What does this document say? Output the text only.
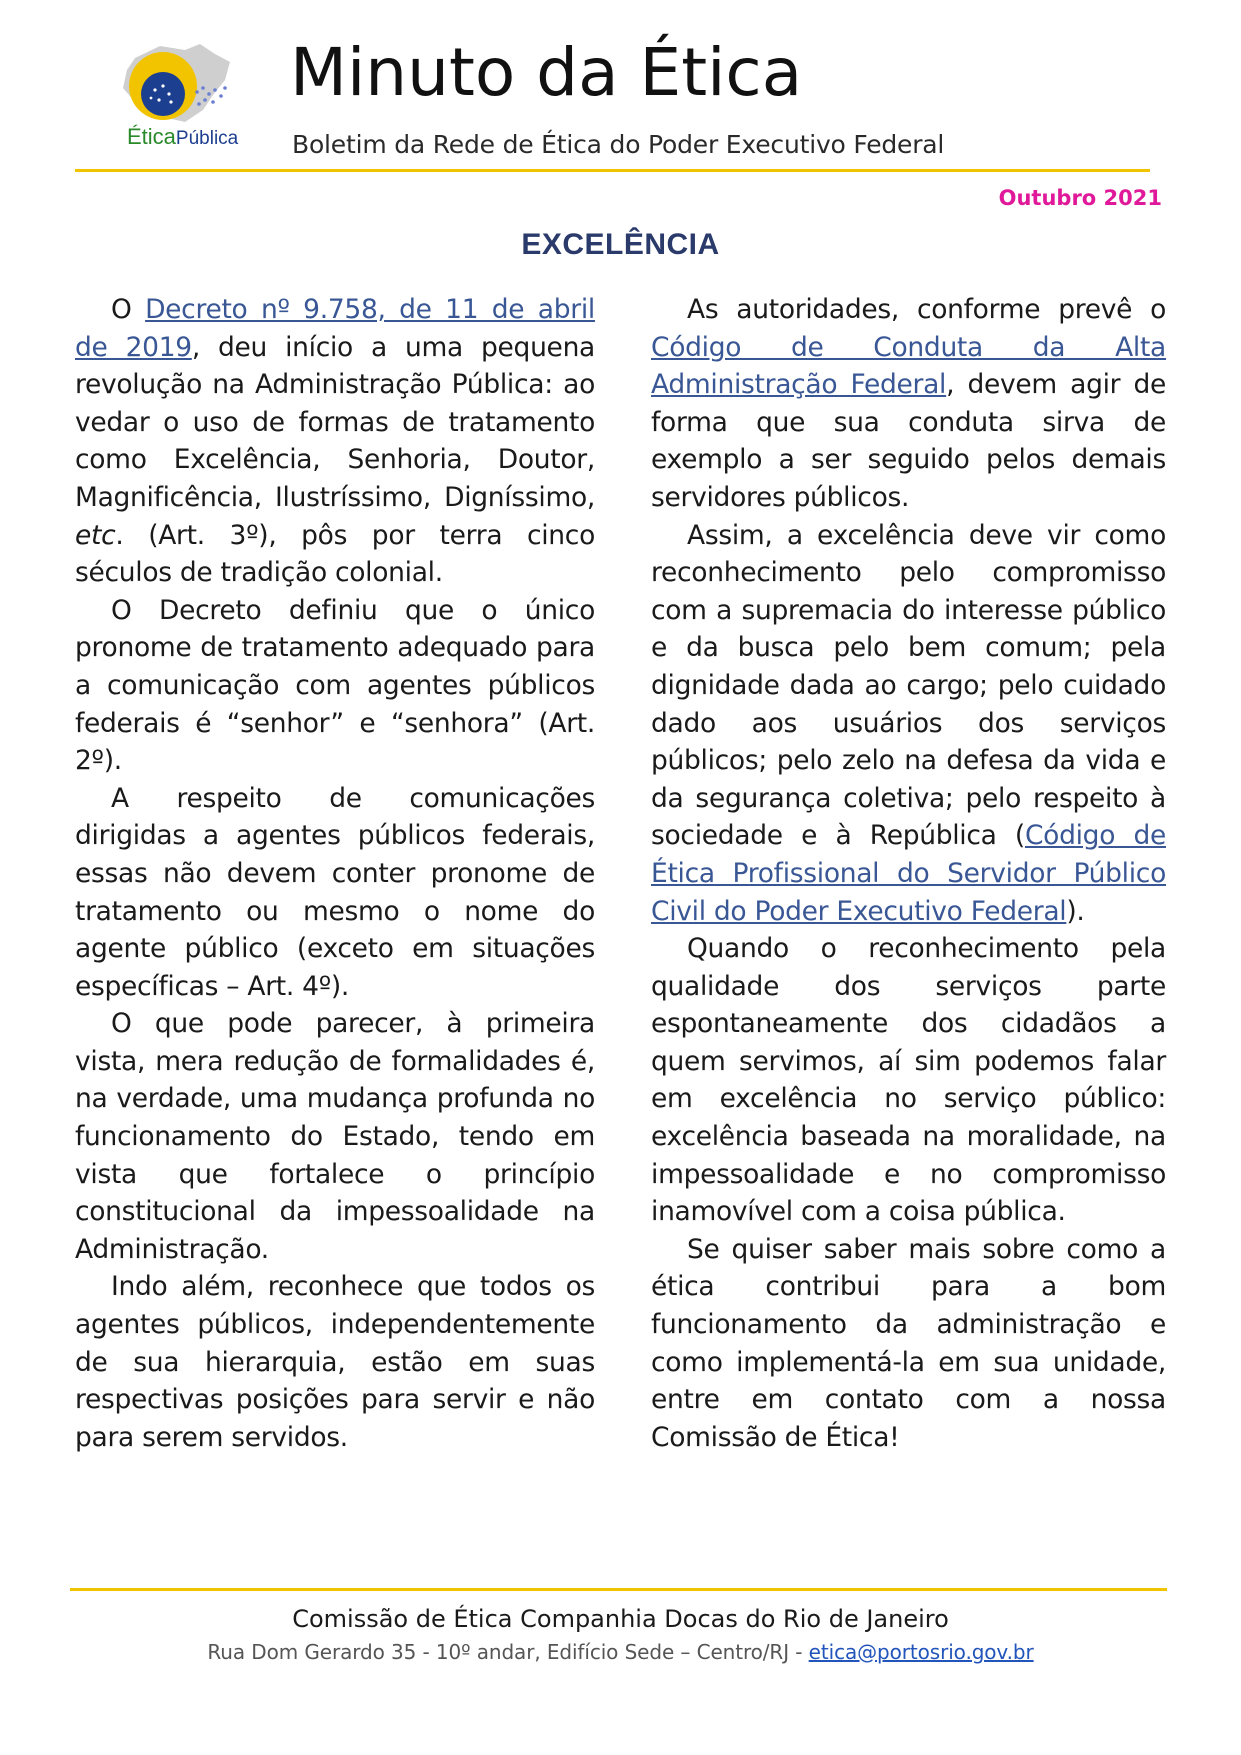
ÉticaPública
Minuto da Ética
Boletim da Rede de Ética do Poder Executivo Federal
Outubro 2021
EXCELÊNCIA

O Decreto nº 9.758, de 11 de abril de 2019, deu início a uma pequena revolução na Administração Pública: ao vedar o uso de formas de tratamento como Excelência, Senhoria, Doutor, Magnificência, Ilustríssimo, Digníssimo, etc. (Art. 3º), pôs por terra cinco séculos de tradição colonial.

O Decreto definiu que o único pronome de tratamento adequado para a comunicação com agentes públicos federais é “senhor” e “senhora” (Art. 2º).

A respeito de comunicações dirigidas a agentes públicos federais, essas não devem conter pronome de tratamento ou mesmo o nome do agente público (exceto em situações específicas – Art. 4º).

O que pode parecer, à primeira vista, mera redução de formalidades é, na verdade, uma mudança profunda no funcionamento do Estado, tendo em vista que fortalece o princípio constitucional da impessoalidade na Administração.

Indo além, reconhece que todos os agentes públicos, independentemente de sua hierarquia, estão em suas respectivas posições para servir e não para serem servidos.

As autoridades, conforme prevê o Código de Conduta da Alta Administração Federal, devem agir de forma que sua conduta sirva de exemplo a ser seguido pelos demais servidores públicos.

Assim, a excelência deve vir como reconhecimento pelo compromisso com a supremacia do interesse público e da busca pelo bem comum; pela dignidade dada ao cargo; pelo cuidado dado aos usuários dos serviços públicos; pelo zelo na defesa da vida e da segurança coletiva; pelo respeito à sociedade e à República (Código de Ética Profissional do Servidor Público Civil do Poder Executivo Federal).

Quando o reconhecimento pela qualidade dos serviços parte espontaneamente dos cidadãos a quem servimos, aí sim podemos falar em excelência no serviço público: excelência baseada na moralidade, na impessoalidade e no compromisso inamovível com a coisa pública.

Se quiser saber mais sobre como a ética contribui para a bom funcionamento da administração e como implementá-la em sua unidade, entre em contato com a nossa Comissão de Ética!

Comissão de Ética Companhia Docas do Rio de Janeiro
Rua Dom Gerardo 35 - 10º andar, Edifício Sede – Centro/RJ - etica@portosrio.gov.br
